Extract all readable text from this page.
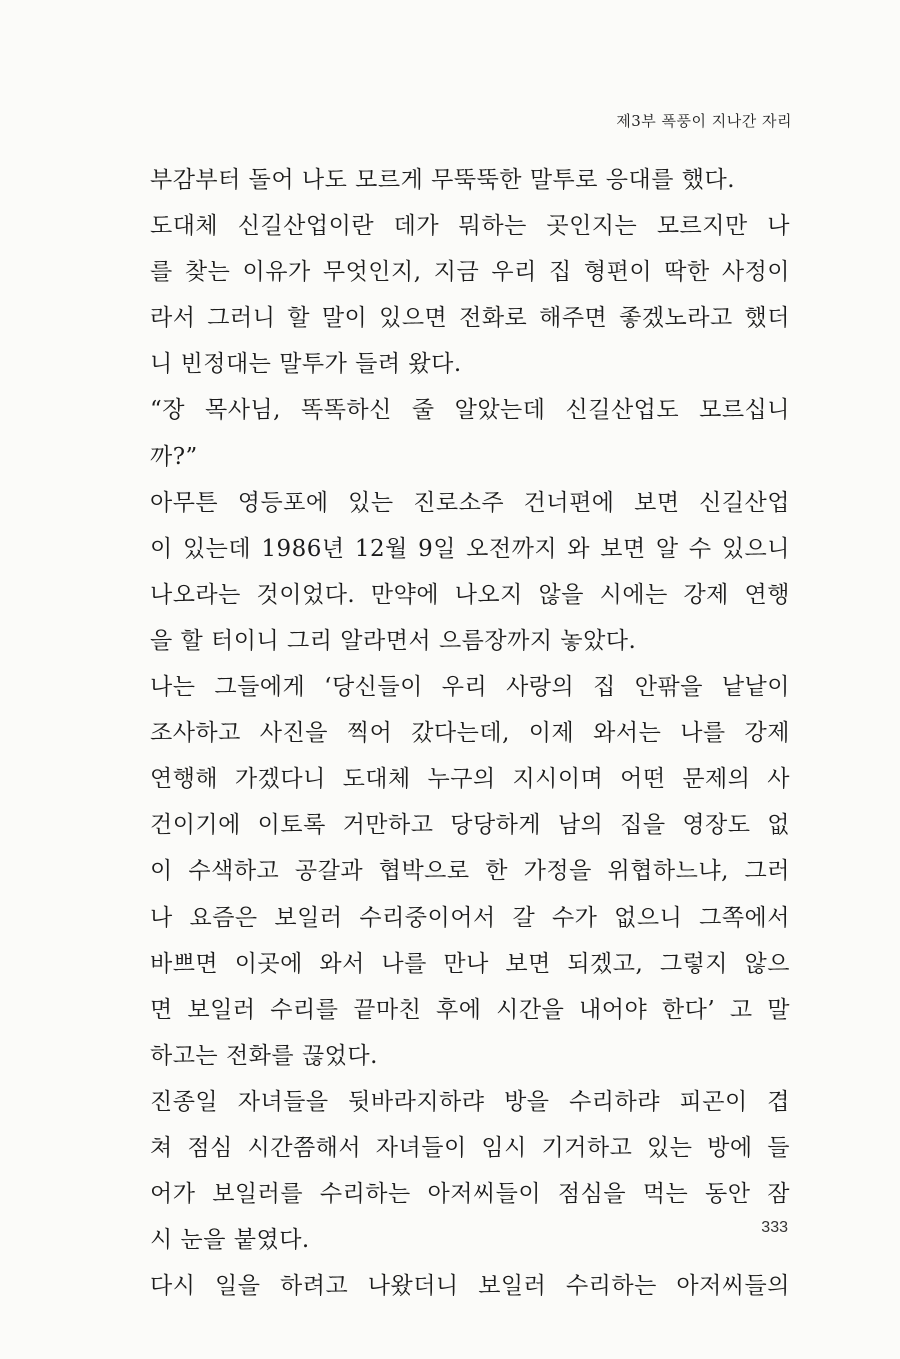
제3부 폭풍이 지나간 자리
부감부터 돌어 나도 모르게 무뚝뚝한 말투로 응대를 했다.
도대체 신길산업이란 데가 뭐하는 곳인지는 모르지만 나
를 찾는 이유가 무엇인지, 지금 우리 집 형편이 딱한 사정이
라서 그러니 할 말이 있으면 전화로 해주면 좋겠노라고 했더
니 빈정대는 말투가 들려 왔다.
“장 목사님, 똑똑하신 줄 알았는데 신길산업도 모르십니
까?”
아무튼 영등포에 있는 진로소주 건너편에 보면 신길산업
이 있는데 1986년 12월 9일 오전까지 와 보면 알 수 있으니
나오라는 것이었다. 만약에 나오지 않을 시에는 강제 연행
을 할 터이니 그리 알라면서 으름장까지 놓았다.
나는 그들에게 ‘당신들이 우리 사랑의 집 안팎을 낱낱이
조사하고 사진을 찍어 갔다는데, 이제 와서는 나를 강제
연행해 가겠다니 도대체 누구의 지시이며 어떤 문제의 사
건이기에 이토록 거만하고 당당하게 남의 집을 영장도 없
이 수색하고 공갈과 협박으로 한 가정을 위협하느냐, 그러
나 요즘은 보일러 수리중이어서 갈 수가 없으니 그쪽에서
바쁘면 이곳에 와서 나를 만나 보면 되겠고, 그렇지 않으
면 보일러 수리를 끝마친 후에 시간을 내어야 한다’ 고 말
하고는 전화를 끊었다.
진종일 자녀들을 뒷바라지하랴 방을 수리하랴 피곤이 겹
쳐 점심 시간쯤해서 자녀들이 임시 기거하고 있는 방에 들
어가 보일러를 수리하는 아저씨들이 점심을 먹는 동안 잠
시 눈을 붙였다.
다시 일을 하려고 나왔더니 보일러 수리하는 아저씨들의
333
